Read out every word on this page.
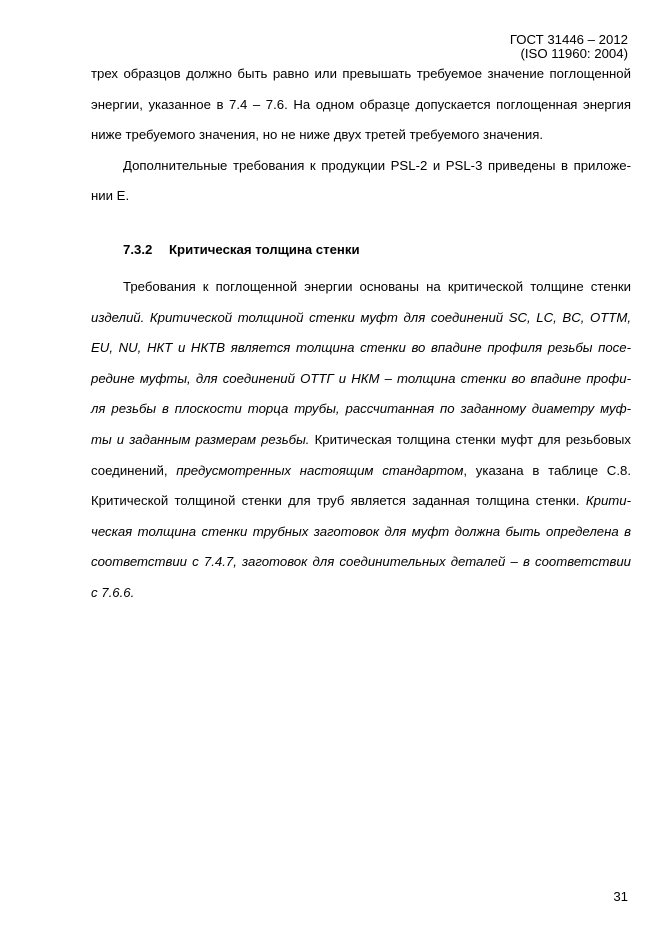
ГОСТ 31446 – 2012
(ISO 11960: 2004)
трех образцов должно быть равно или превышать требуемое значение поглощенной
энергии, указанное в 7.4 – 7.6. На одном образце допускается поглощенная энергия
ниже требуемого значения, но не ниже двух третей требуемого значения.
Дополнительные требования к продукции PSL-2 и PSL-3 приведены в приложе-
нии E.
7.3.2 Критическая толщина стенки
Требования к поглощенной энергии основаны на критической толщине стенки
изделий. Критической толщиной стенки муфт для соединений SC, LC, BC, OTTM,
EU, NU, НКТ и НКТВ является толщина стенки во впадине профиля резьбы посе-
редине муфты, для соединений ОТТГ и НКМ – толщина стенки во впадине профи-
ля резьбы в плоскости торца трубы, рассчитанная по заданному диаметру муф-
ты и заданным размерам резьбы. Критическая толщина стенки муфт для резьбовых
соединений, предусмотренных настоящим стандартом, указана в таблице C.8.
Критической толщиной стенки для труб является заданная толщина стенки. Крити-
ческая толщина стенки трубных заготовок для муфт должна быть определена в
соответствии с 7.4.7, заготовок для соединительных деталей – в соответствии
с 7.6.6.
31
